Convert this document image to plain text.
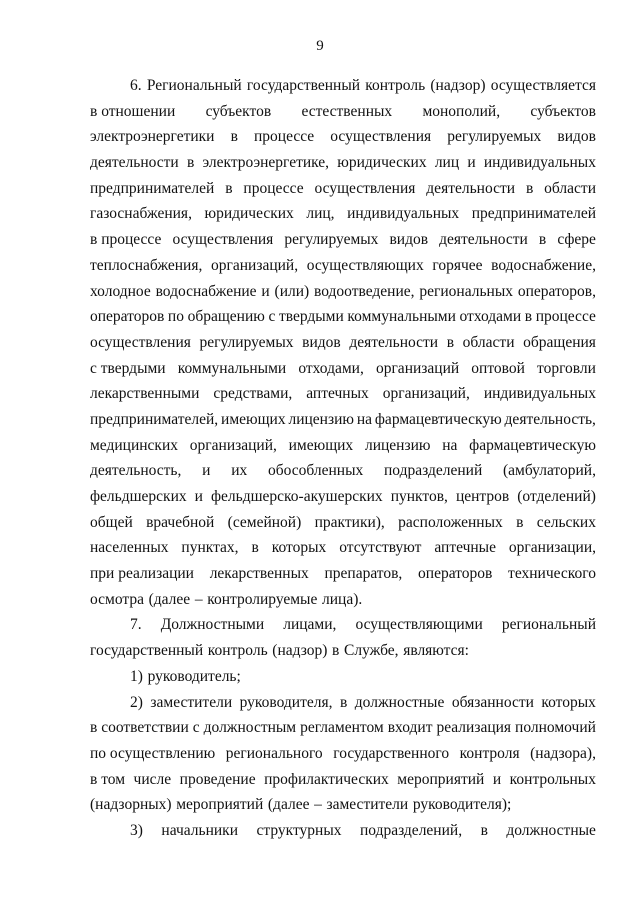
9
6. Региональный государственный контроль (надзор) осуществляется
в отношении субъектов естественных монополий, субъектов
электроэнергетики в процессе осуществления регулируемых видов
деятельности в электроэнергетике, юридических лиц и индивидуальных
предпринимателей в процессе осуществления деятельности в области
газоснабжения, юридических лиц, индивидуальных предпринимателей
в процессе осуществления регулируемых видов деятельности в сфере
теплоснабжения, организаций, осуществляющих горячее водоснабжение,
холодное водоснабжение и (или) водоотведение, региональных операторов,
операторов по обращению с твердыми коммунальными отходами в процессе
осуществления регулируемых видов деятельности в области обращения
с твердыми коммунальными отходами, организаций оптовой торговли
лекарственными средствами, аптечных организаций, индивидуальных
предпринимателей, имеющих лицензию на фармацевтическую деятельность,
медицинских организаций, имеющих лицензию на фармацевтическую
деятельность, и их обособленных подразделений (амбулаторий,
фельдшерских и фельдшерско-акушерских пунктов, центров (отделений)
общей врачебной (семейной) практики), расположенных в сельских
населенных пунктах, в которых отсутствуют аптечные организации,
при реализации лекарственных препаратов, операторов технического
осмотра (далее – контролируемые лица).
7. Должностными лицами, осуществляющими региональный
государственный контроль (надзор) в Службе, являются:
1) руководитель;
2) заместители руководителя, в должностные обязанности которых
в соответствии с должностным регламентом входит реализация полномочий
по осуществлению регионального государственного контроля (надзора),
в том числе проведение профилактических мероприятий и контрольных
(надзорных) мероприятий (далее – заместители руководителя);
3) начальники структурных подразделений, в должностные
